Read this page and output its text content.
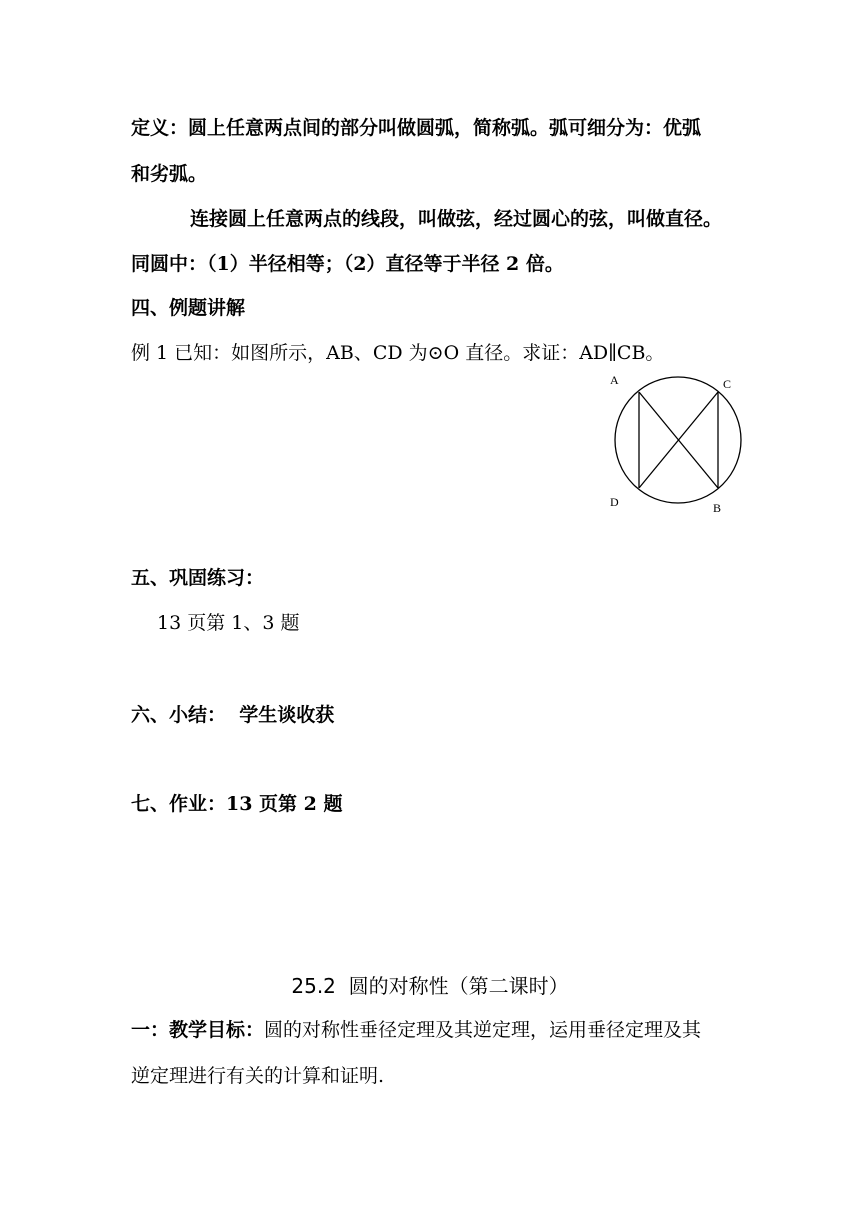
定义：圆上任意两点间的部分叫做圆弧，简称弧。弧可细分为：优弧
和劣弧。
连接圆上任意两点的线段，叫做弦，经过圆心的弦，叫做直径。
同圆中：（1）半径相等；（2）直径等于半径 2 倍。
四、例题讲解
例 1 已知：如图所示，AB、CD 为⊙O 直径。求证：AD∥CB。
A	C
D	B
五、巩固练习：
13 页第 1、3 题
六、小结：  学生谈收获
七、作业：13 页第 2 题
25.2  圆的对称性（第二课时）
一：教学目标：圆的对称性垂径定理及其逆定理，运用垂径定理及其
逆定理进行有关的计算和证明.
